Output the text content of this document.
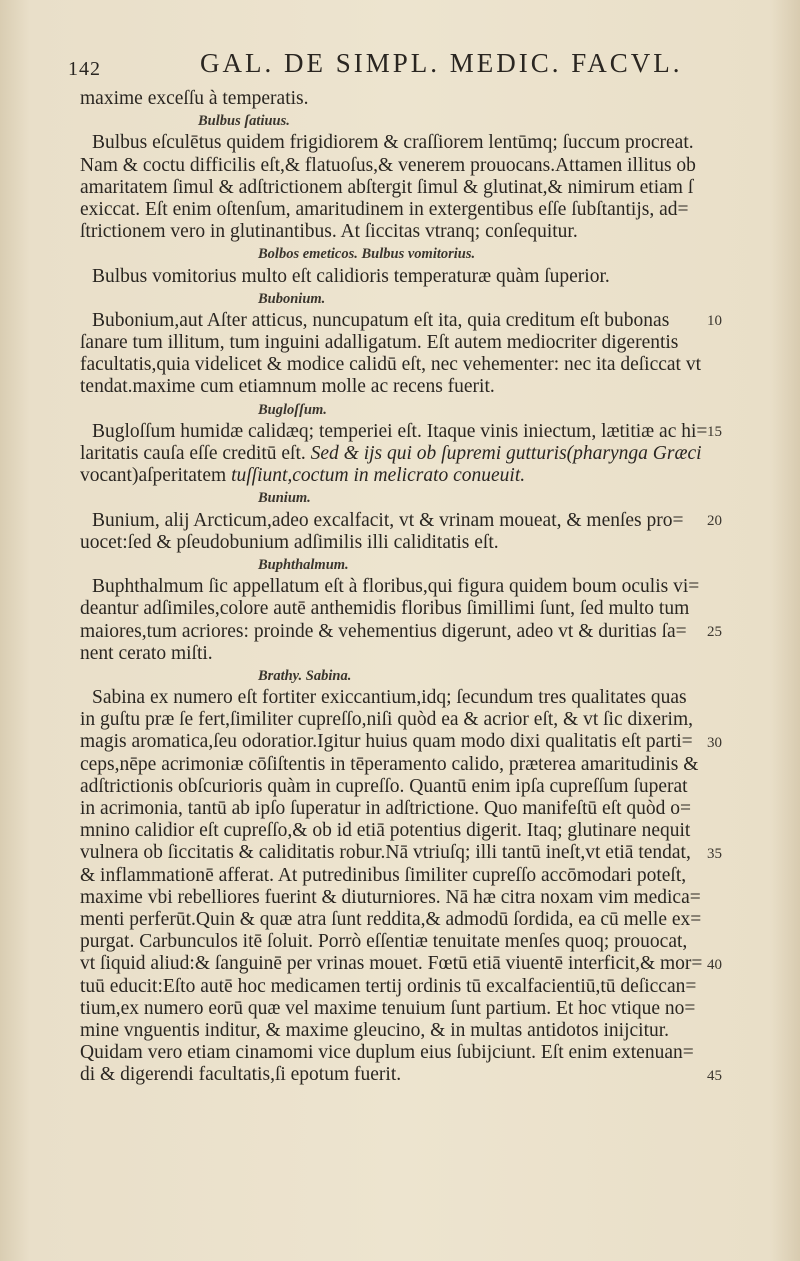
142	GAL. DE SIMPL. MEDIC. FACVL.
maxime exceſſu à temperatis.
Bulbus ſatiuus.
Bulbus eſculētus quidem frigidiorem & craſſiorem lentūmq; ſuccum procreat.
Nam & coctu difficilis eſt,& flatuoſus,& venerem prouocans.Attamen illitus ob
amaritatem ſimul & adſtrictionem abſtergit ſimul & glutinat,& nimirum etiam ſ
exiccat. Eſt enim oſtenſum, amaritudinem in extergentibus eſſe ſubſtantijs, ad=
ſtrictionem vero in glutinantibus. At ſiccitas vtranq; conſequitur.
Bolbos emeticos. Bulbus vomitorius.
Bulbus vomitorius multo eſt calidioris temperaturæ quàm ſuperior.
Bubonium.
Bubonium,aut Aſter atticus, nuncupatum eſt ita, quia creditum eſt bubonas
ſanare tum illitum, tum inguini adalligatum. Eſt autem mediocriter digerentis
facultatis,quia videlicet & modice calidū eſt, nec vehementer: nec ita deſiccat vt
tendat.maxime cum etiamnum molle ac recens fuerit.
Bugloſſum.
Bugloſſum humidæ calidæq; temperiei eſt. Itaque vinis iniectum, lætitiæ ac hi=
laritatis cauſa eſſe creditū eſt. Sed & ijs qui ob ſupremi gutturis(pharynga Græci
vocant)aſperitatem tuſſiunt,coctum in melicrato conueuit.
Bunium.
Bunium, alij Arcticum,adeo excalfacit, vt & vrinam moueat, & menſes pro=
uocet:ſed & pſeudobunium adſimilis illi caliditatis eſt.
Buphthalmum.
Buphthalmum ſic appellatum eſt à floribus,qui figura quidem boum oculis vi=
deantur adſimiles,colore autē anthemidis floribus ſimillimi ſunt, ſed multo tum
maiores,tum acriores: proinde & vehementius digerunt, adeo vt & duritias ſa=
nent cerato miſti.
Brathy. Sabina.
Sabina ex numero eſt fortiter exiccantium,idq; ſecundum tres qualitates quas
in guſtu præ ſe fert,ſimiliter cupreſſo,niſi quòd ea & acrior eſt, & vt ſic dixerim,
magis aromatica,ſeu odoratior.Igitur huius quam modo dixi qualitatis eſt parti=
ceps,nēpe acrimoniæ cōſiſtentis in tēperamento calido, prætereа amaritudinis &
adſtrictionis obſcurioris quàm in cupreſſo. Quantū enim ipſa cupreſſum ſuperat
in acrimonia, tantū ab ipſo ſuperatur in adſtrictione. Quo manifeſtū eſt quòd o=
mnino calidior eſt cupreſſo,& ob id etiā potentius digerit. Itaq; glutinare nequit
vulnera ob ſiccitatis & caliditatis robur.Nā vtriuſq; illi tantū ineſt,vt etiā tendat,
& inflammationē afferat. At putredinibus ſimiliter cupreſſo accōmodari poteſt,
maxime vbi rebelliores fuerint & diuturniores. Nā hæ citra noxam vim medica=
menti perferūt.Quin & quæ atra ſunt reddita,& admodū ſordida, ea cū melle ex=
purgat. Carbunculos itē ſoluit. Porrò eſſentiæ tenuitate menſes quoq; prouocat,
vt ſiquid aliud:& ſanguinē per vrinas mouet. Fœtū etiā viuentē interficit,& mor=
tuū educit:Eſto autē hoc medicamen tertij ordinis tū excalfacientiū,tū deſiccan=
tium,ex numero eorū quæ vel maxime tenuium ſunt partium. Et hoc vtique no=
mine vnguentis inditur, & maxime gleucino, & in multas antidotos inijcitur.
Quidam vero etiam cinamomi vice duplum eius ſubijciunt. Eſt enim extenuan=
di & digerendi facultatis,ſi epotum fuerit.
10
15
20
25
30
35
40
45
